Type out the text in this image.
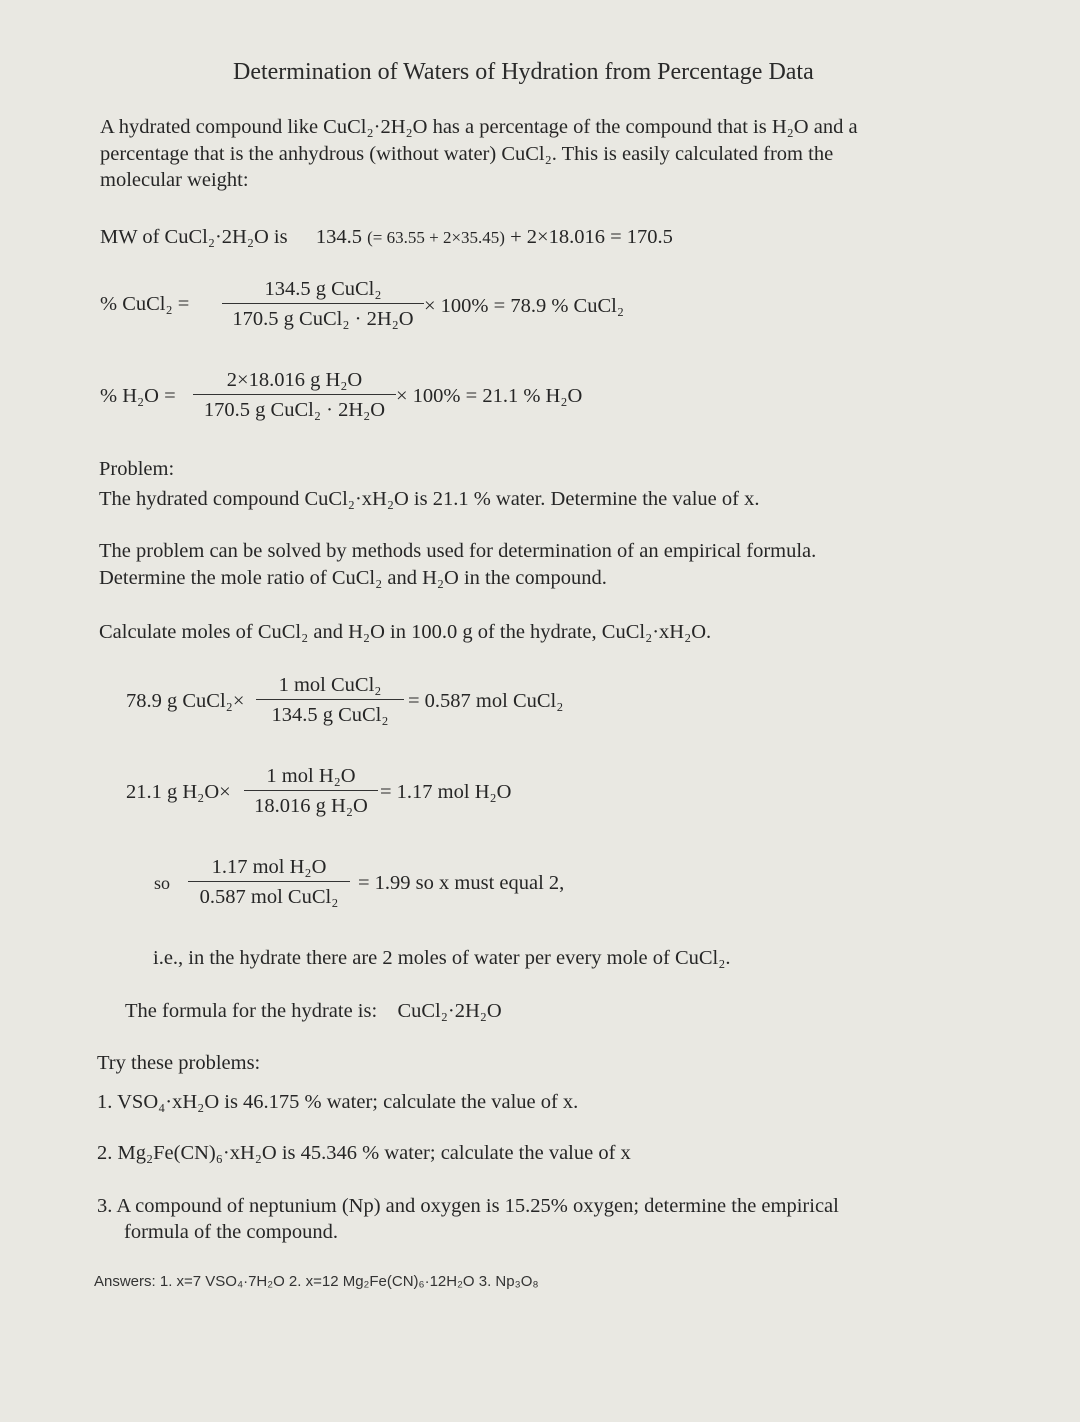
Determination of Waters of Hydration from Percentage Data
A hydrated compound like CuCl₂·2H₂O has a percentage of the compound that is H₂O and a
percentage that is the anhydrous (without water) CuCl₂. This is easily calculated from the
molecular weight:
MW of CuCl₂·2H₂O is 134.5 (= 63.55 + 2×35.45) + 2×18.016 = 170.5
% CuCl₂ =
134.5 g CuCl₂
170.5 g CuCl₂ · 2H₂O
× 100% = 78.9 % CuCl₂
% H₂O =
2×18.016 g H₂O
170.5 g CuCl₂ · 2H₂O
× 100% = 21.1 % H₂O
Problem:
The hydrated compound CuCl₂·xH₂O is 21.1 % water. Determine the value of x.
The problem can be solved by methods used for determination of an empirical formula.
Determine the mole ratio of CuCl₂ and H₂O in the compound.
Calculate moles of CuCl₂ and H₂O in 100.0 g of the hydrate, CuCl₂·xH₂O.
78.9 g CuCl₂×
1 mol CuCl₂
134.5 g CuCl₂
= 0.587 mol CuCl₂
21.1 g H₂O×
1 mol H₂O
18.016 g H₂O
= 1.17 mol H₂O
so
1.17 mol H₂O
0.587 mol CuCl₂
= 1.99 so x must equal 2,
i.e., in the hydrate there are 2 moles of water per every mole of CuCl₂.
The formula for the hydrate is: CuCl₂·2H₂O
Try these problems:
1. VSO₄·xH₂O is 46.175 % water; calculate the value of x.
2. Mg₂Fe(CN)₆·xH₂O is 45.346 % water; calculate the value of x
3. A compound of neptunium (Np) and oxygen is 15.25% oxygen; determine the empirical
formula of the compound.
Answers: 1. x=7 VSO₄·7H₂O 2. x=12 Mg₂Fe(CN)₆·12H₂O 3. Np₃O₈
